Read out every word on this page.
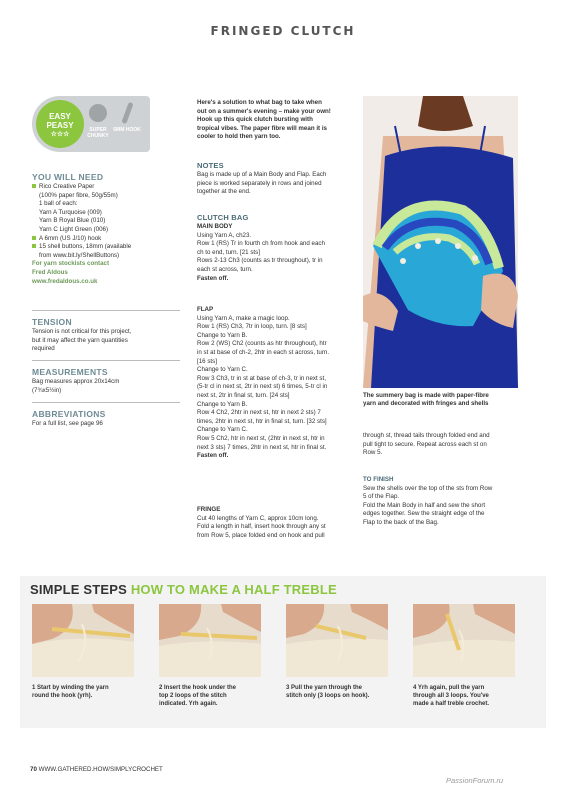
FRINGED CLUTCH
EASY
PEASY
☆☆☆
SUPER CHUNKY
6MM HOOK
YOU WILL NEED
Rico Creative Paper
(100% paper fibre, 50g/55m)
1 ball of each:
Yarn A Turquoise (009)
Yarn B Royal Blue (010)
Yarn C Light Green (006)
A 6mm (US J/10) hook
15 shell buttons, 18mm (available
from www.bit.ly/ShellButtons)
For yarn stockists contact
Fred Aldous
www.fredaldous.co.uk
TENSION
Tension is not critical for this project,
but it may affect the yarn quantities
required
MEASUREMENTS
Bag measures approx 20x14cm
(7¾x5½in)
ABBREVIATIONS
For a full list, see page 96
Here's a solution to what bag to take when
out on a summer's evening – make your own!
Hook up this quick clutch bursting with
tropical vibes. The paper fibre will mean it is
cooler to hold then yarn too.
NOTES
Bag is made up of a Main Body and Flap. Each
piece is worked separately in rows and joined
together at the end.
CLUTCH BAG
MAIN BODY
Using Yarn A, ch23.
Row 1 (RS) Tr in fourth ch from hook and each
ch to end, turn. [21 sts]
Rows 2-13 Ch3 (counts as tr throughout), tr in
each st across, turn.
Fasten off.
FLAP
Using Yarn A, make a magic loop.
Row 1 (RS) Ch3, 7tr in loop, turn. [8 sts]
Change to Yarn B.
Row 2 (WS) Ch2 (counts as htr throughout), htr
in st at base of ch-2, 2htr in each st across, turn.
[16 sts]
Change to Yarn C.
Row 3 Ch3, tr in st at base of ch-3, tr in next st,
(5-tr cl in next st, 2tr in next st) 6 times, 5-tr cl in
next st, 2tr in final st, turn. [24 sts]
Change to Yarn B.
Row 4 Ch2, 2htr in next st, htr in next 2 sts) 7
times, 2htr in next st, htr in final st, turn. [32 sts]
Change to Yarn C.
Row 5 Ch2, htr in next st, (2htr in next st, htr in
next 3 sts) 7 times, 2htr in next st, htr in final st.
Fasten off.
FRINGE
Cut 40 lengths of Yarn C, approx 10cm long.
Fold a length in half, insert hook through any st
from Row 5, place folded end on hook and pull
The summery bag is made with paper-fibre
yarn and decorated with fringes and shells
through st, thread tails through folded end and
pull tight to secure. Repeat across each st on
Row 5.
TO FINISH
Sew the shells over the top of the sts from Row
5 of the Flap.
Fold the Main Body in half and sew the short
edges together. Sew the straight edge of the
Flap to the back of the Bag.
SIMPLE STEPS HOW TO MAKE A HALF TREBLE
1 Start by winding the yarn
round the hook (yrh).
2 Insert the hook under the
top 2 loops of the stitch
indicated. Yrh again.
3 Pull the yarn through the
stitch only (3 loops on hook).
4 Yrh again, pull the yarn
through all 3 loops. You've
made a half treble crochet.
70 WWW.GATHERED.HOW/SIMPLYCROCHET
PassionForum.ru
